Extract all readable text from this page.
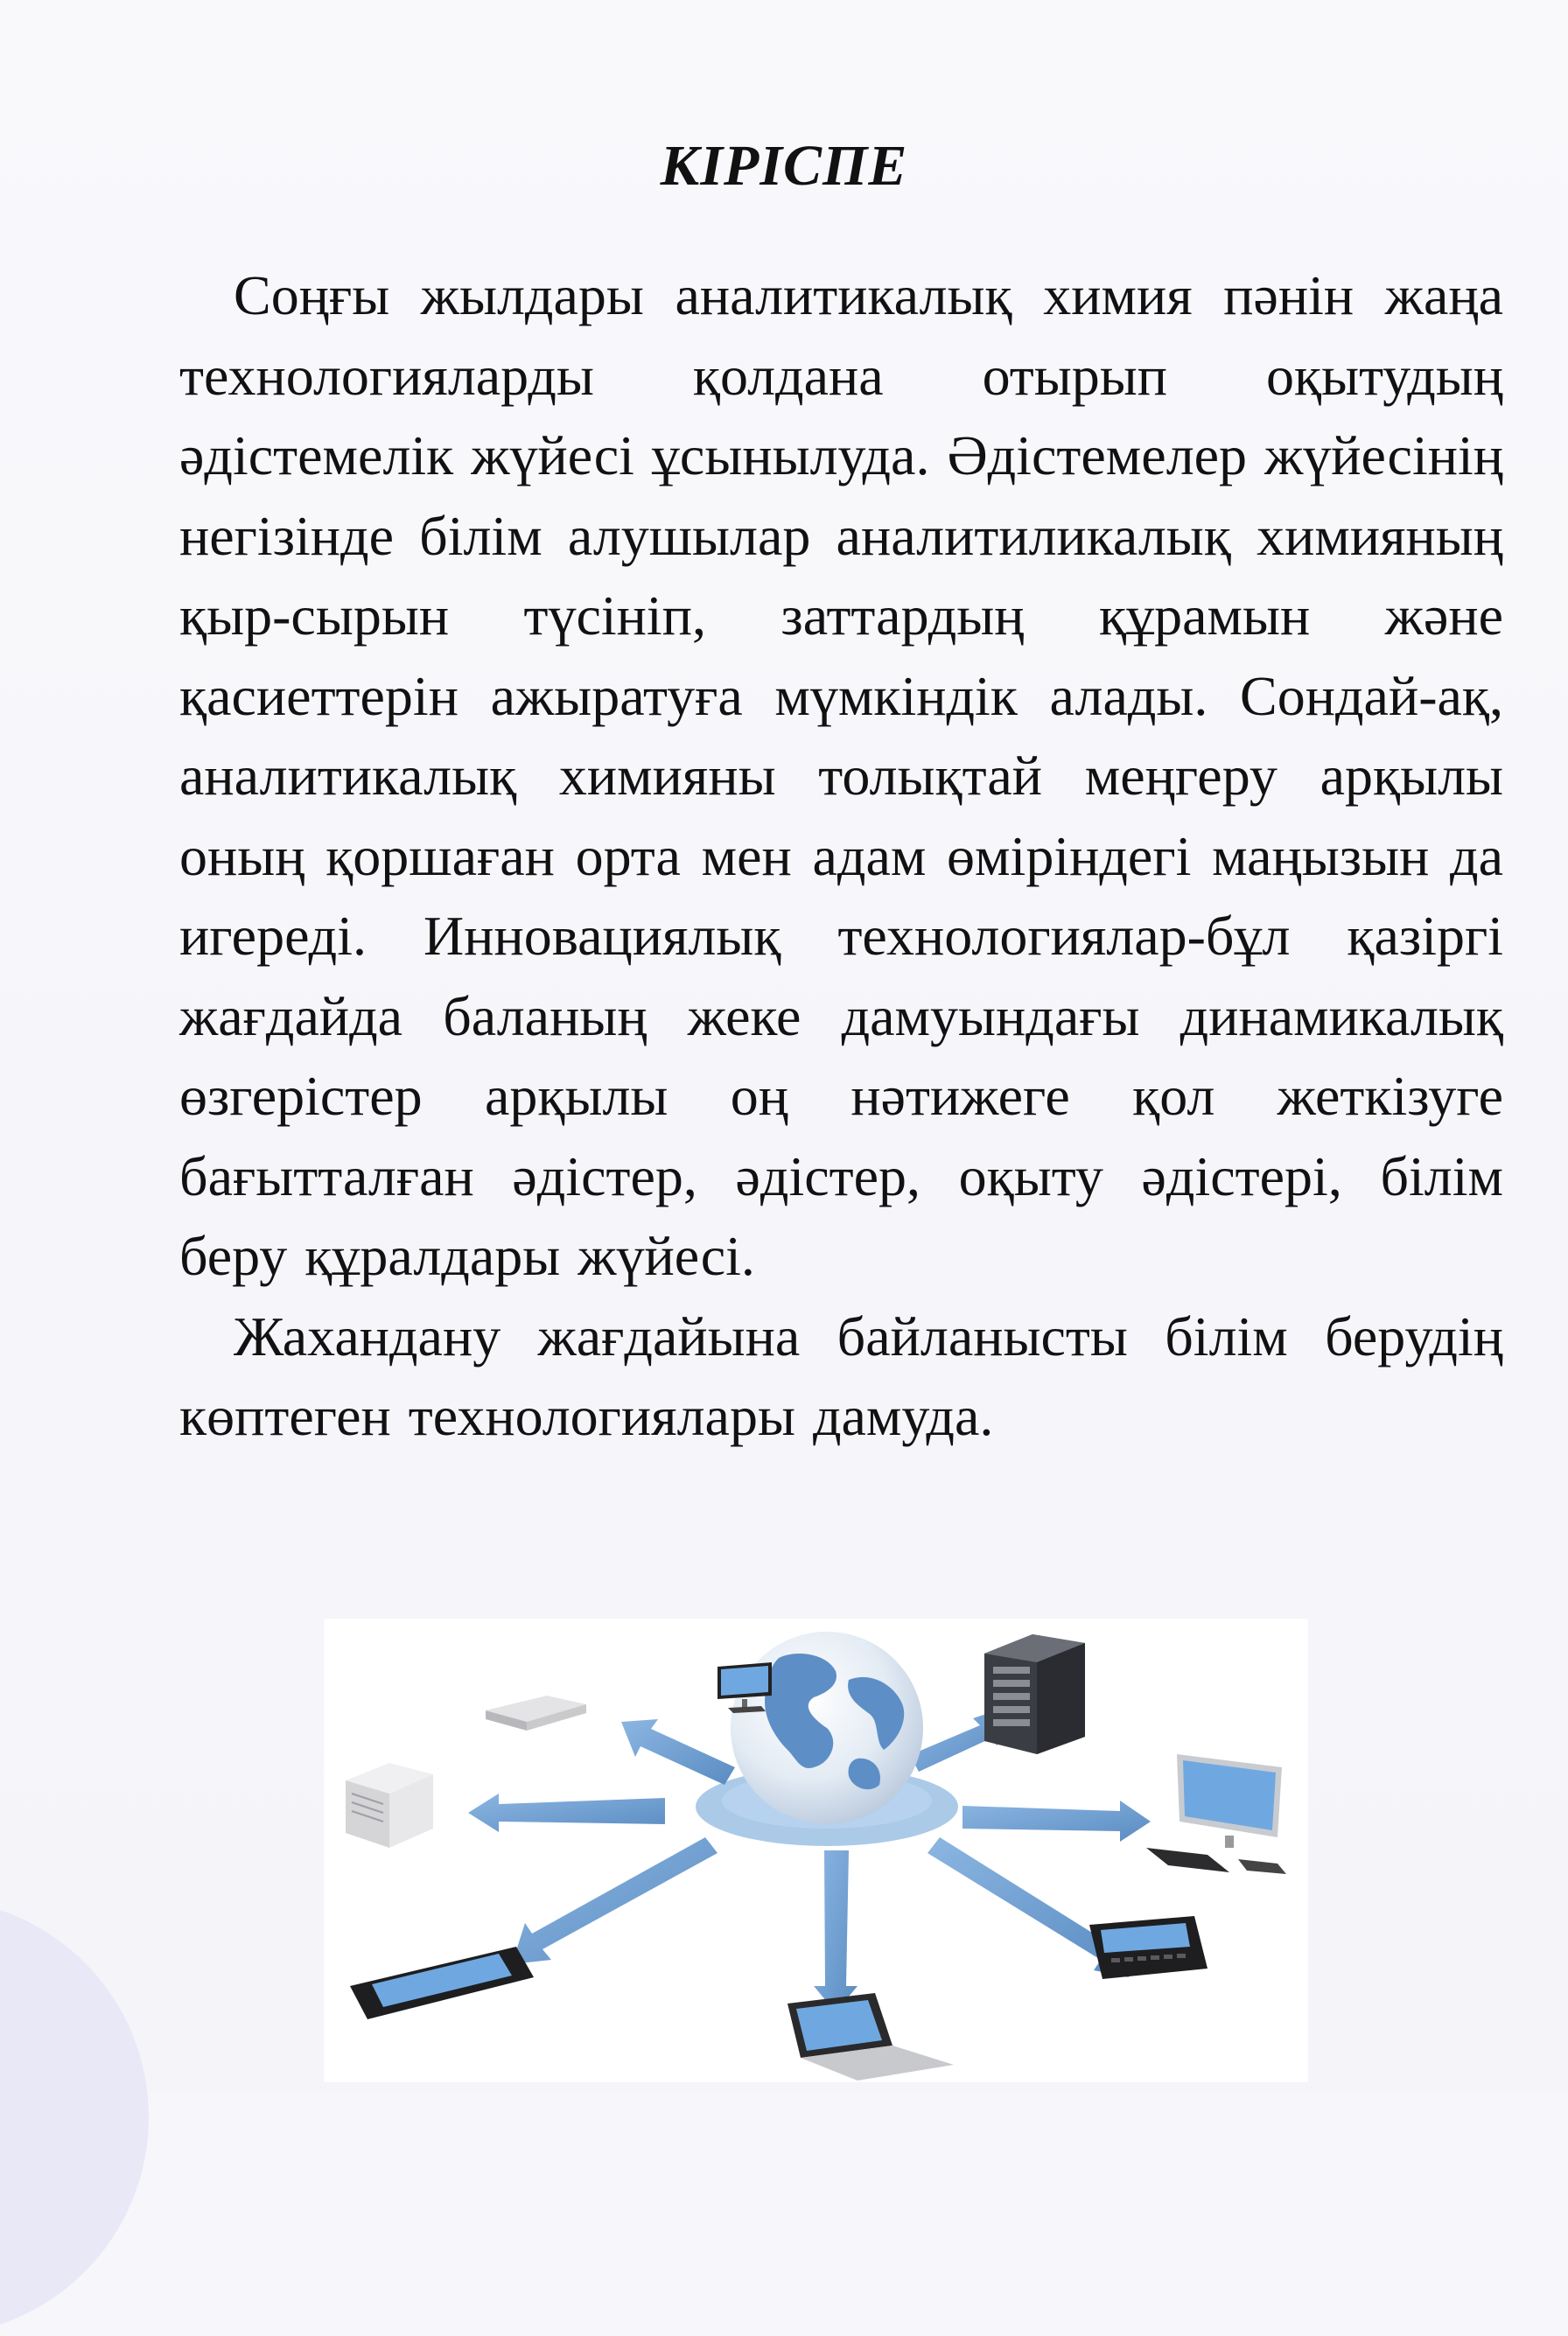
КІРІСПЕ

Соңғы жылдары аналитикалық химия пәнін жаңа технологияларды қолдана отырып оқытудың әдістемелік жүйесі ұсынылуда. Әдістемелер жүйесінің негізінде білім алушылар аналитиликалық химияның қыр-сырын түсініп, заттардың құрамын және қасиеттерін ажыратуға мүмкіндік алады. Сондай-ақ, аналитикалық химияны толықтай меңгеру арқылы оның қоршаған орта мен адам өміріндегі маңызын да игереді. Инновациялық технологиялар-бұл қазіргі жағдайда баланың жеке дамуындағы динамикалық өзгерістер арқылы оң нәтижеге қол жеткізуге бағытталған әдістер, әдістер, оқыту әдістері, білім беру құралдары жүйесі.

Жахандану жағдайына байланысты білім берудің көптеген технологиялары дамуда.
